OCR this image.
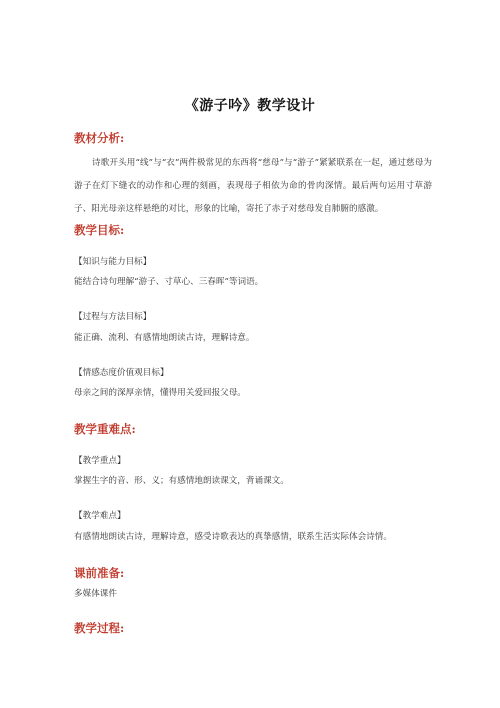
《游子吟》教学设计
教材分析:
诗歌开头用“线”与“衣”两件极常见的东西将“慈母”与“游子”紧紧联系在一起，通过慈母为游子在灯下缝衣的动作和心理的刻画，表现母子相依为命的骨肉深情。最后两句运用寸草游子、阳光母亲这样悬绝的对比，形象的比喻，寄托了赤子对慈母发自肺腑的感激。
教学目标:
【知识与能力目标】
能结合诗句理解“游子、寸草心、三春晖”等词语。
【过程与方法目标】
能正确、流利、有感情地朗读古诗，理解诗意。
【情感态度价值观目标】
母亲之间的深厚亲情，懂得用关爱回报父母。
教学重难点:
【教学重点】
掌握生字的音、形、义；有感情地朗读课文，背诵课文。
【教学难点】
有感情地朗读古诗，理解诗意，感受诗歌表达的真挚感情，联系生活实际体会诗情。
课前准备:
多媒体课件
教学过程:
